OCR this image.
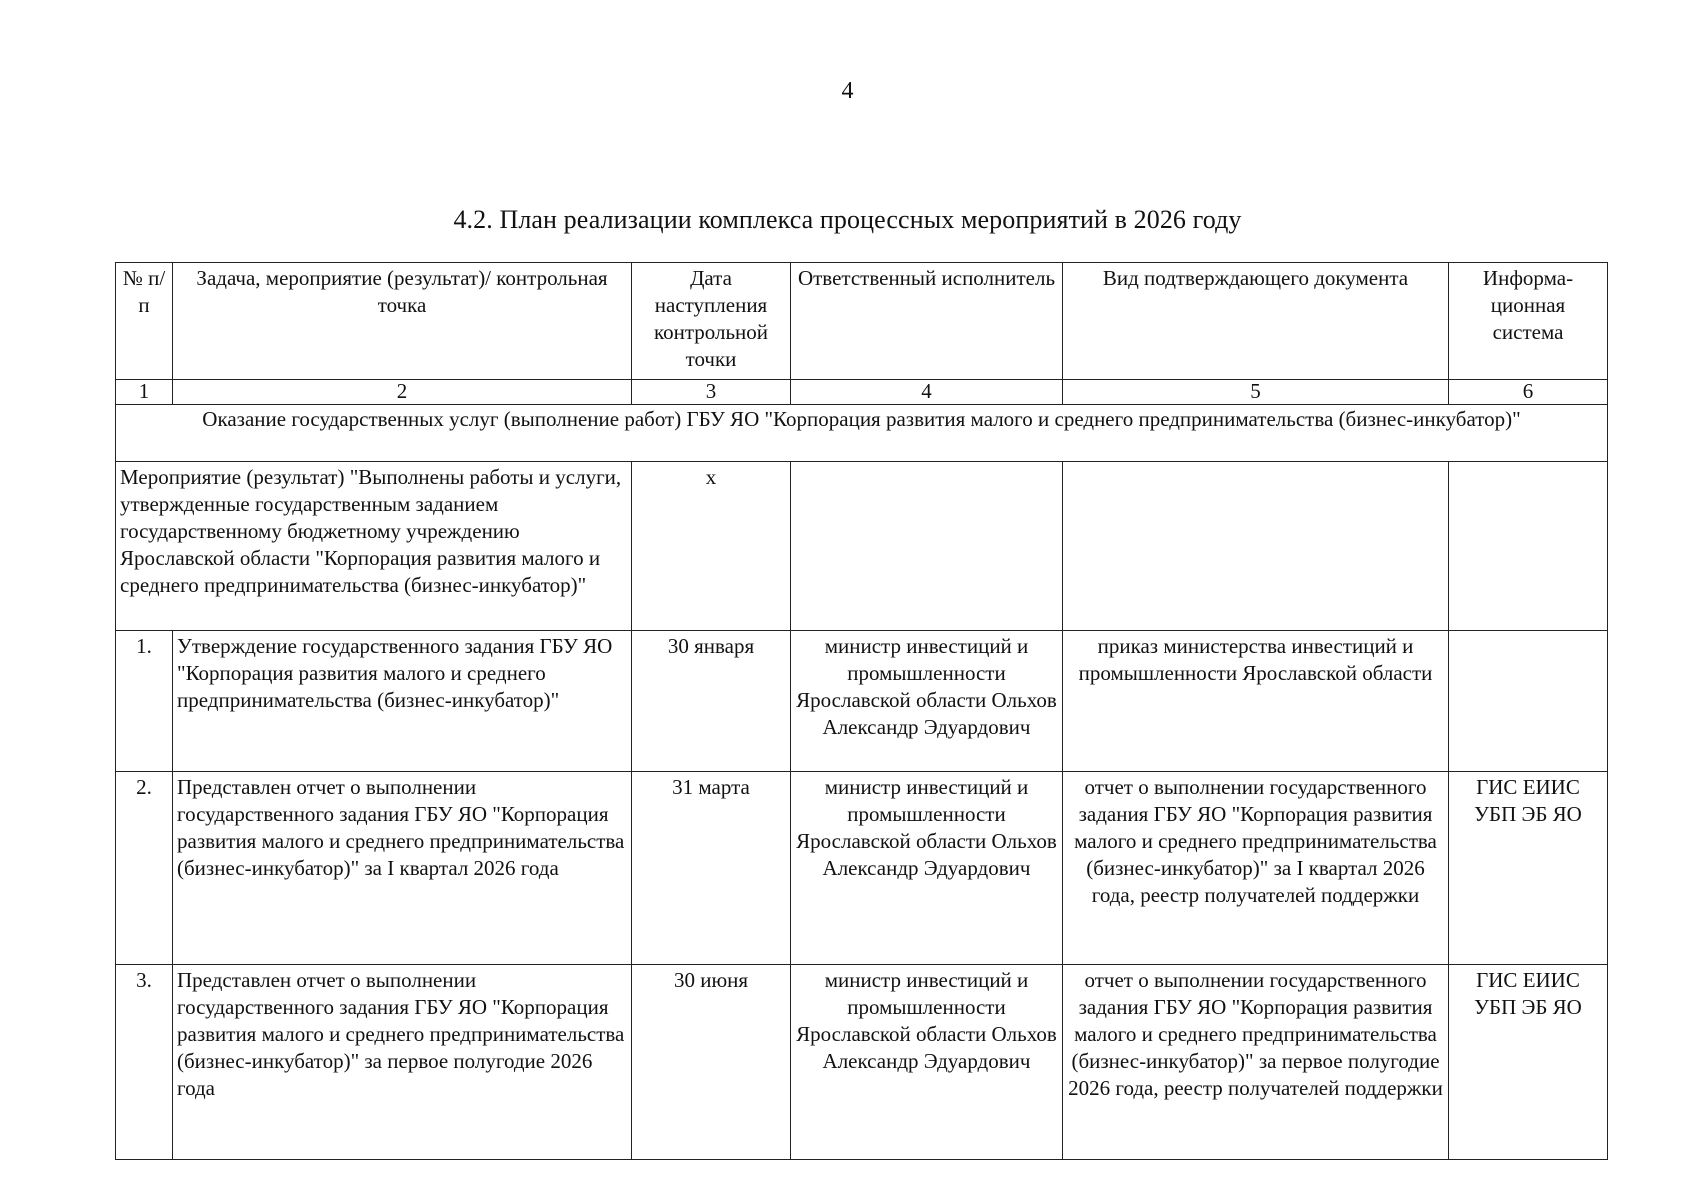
4
4.2. План реализации комплекса процессных мероприятий в 2026 году
№ п/п	Задача, мероприятие (результат)/ контрольная точка	Дата наступления контрольной точки	Ответственный исполнитель	Вид подтверждающего документа	Информа-ционная система
1	2	3	4	5	6
Оказание государственных услуг (выполнение работ) ГБУ ЯО "Корпорация развития малого и среднего предпринимательства (бизнес-инкубатор)"					
Мероприятие (результат) "Выполнены работы и услуги, утвержденные государственным заданием государственному бюджетному учреждению Ярославской области "Корпорация развития малого и среднего предпринимательства (бизнес-инкубатор)"		х			
1.	Утверждение государственного задания ГБУ ЯО "Корпорация развития малого и среднего предпринимательства (бизнес-инкубатор)"	30 января	министр инвестиций и промышленности Ярославской области Ольхов Александр Эдуардович	приказ министерства инвестиций и промышленности Ярославской области	
2.	Представлен отчет о выполнении государственного задания ГБУ ЯО "Корпорация развития малого и среднего предпринимательства (бизнес-инкубатор)" за I квартал 2026 года	31 марта	министр инвестиций и промышленности Ярославской области Ольхов Александр Эдуардович	отчет о выполнении государственного задания ГБУ ЯО "Корпорация развития малого и среднего предпринимательства (бизнес-инкубатор)" за I квартал 2026 года, реестр получателей поддержки	ГИС ЕИИС УБП ЭБ ЯО
3.	Представлен отчет о выполнении государственного задания ГБУ ЯО "Корпорация развития малого и среднего предпринимательства (бизнес-инкубатор)" за первое полугодие 2026 года	30 июня	министр инвестиций и промышленности Ярославской области Ольхов Александр Эдуардович	отчет о выполнении государственного задания ГБУ ЯО "Корпорация развития малого и среднего предпринимательства (бизнес-инкубатор)" за первое полугодие 2026 года, реестр получателей поддержки	ГИС ЕИИС УБП ЭБ ЯО
